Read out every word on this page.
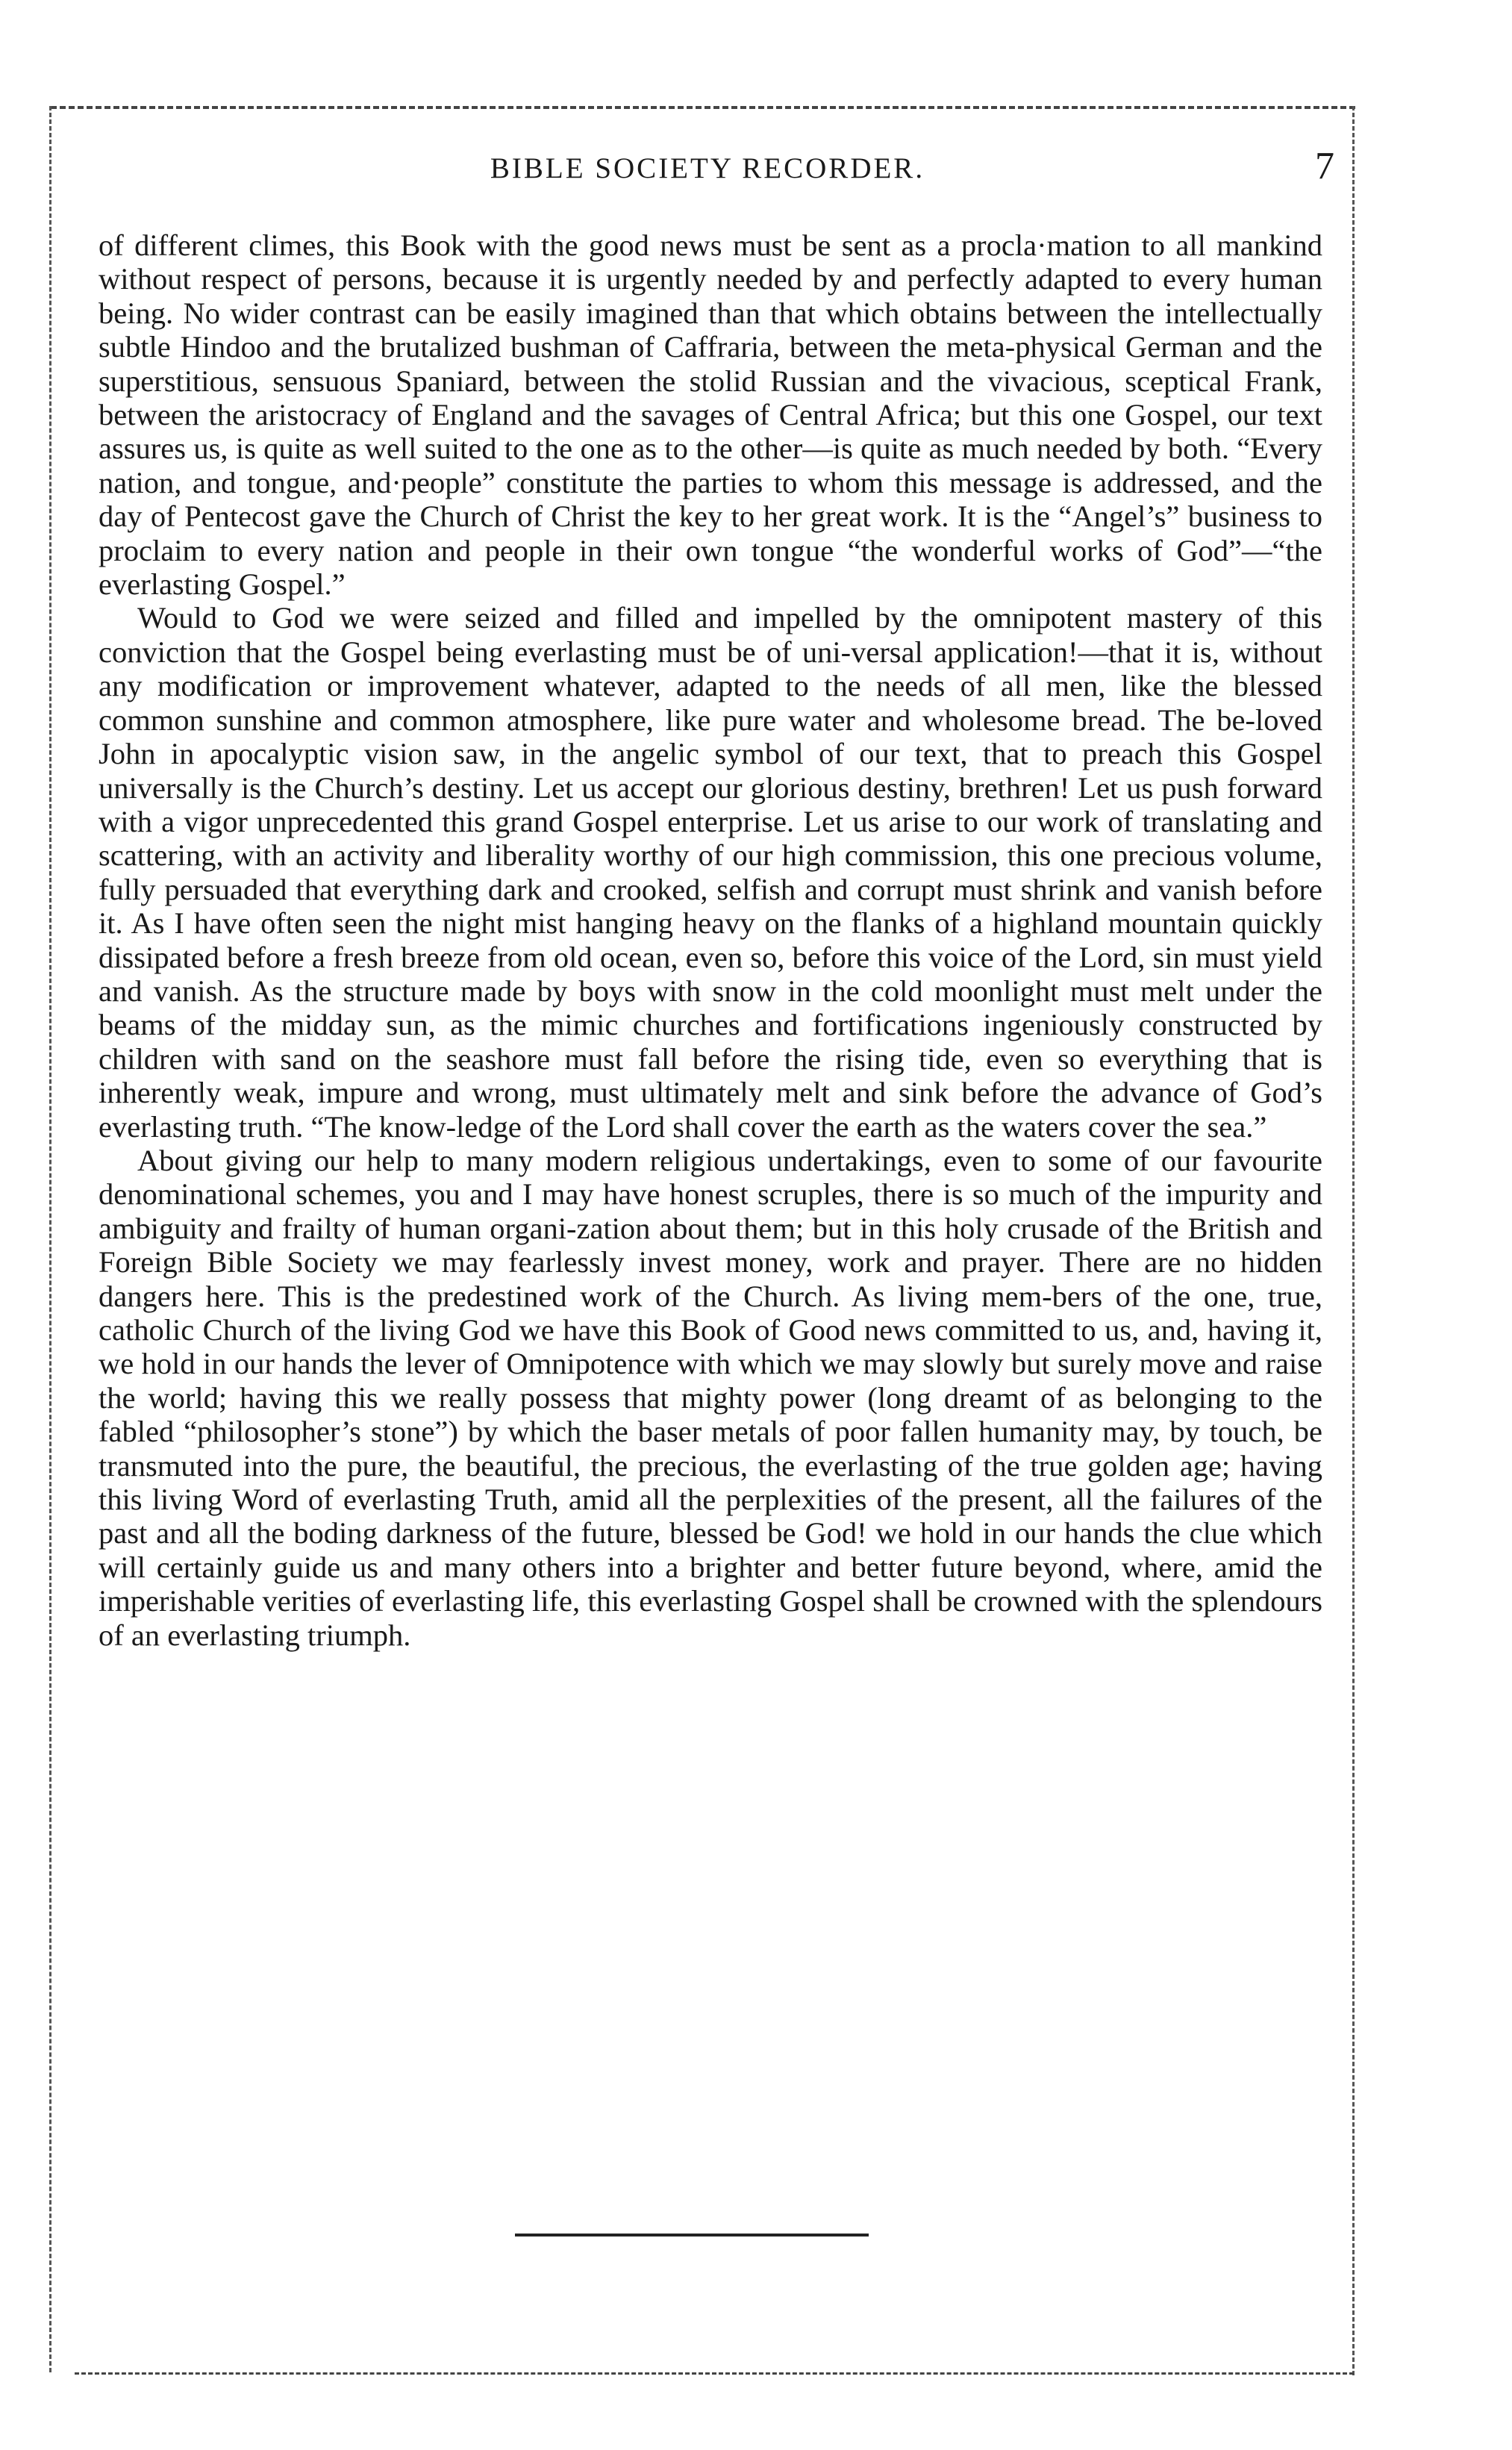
BIBLE SOCIETY RECORDER.	7

of different climes, this Book with the good news must be sent as a procla·mation to all mankind without respect of persons, because it is urgently needed by and perfectly adapted to every human being. No wider contrast can be easily imagined than that which obtains between the intellectually subtle Hindoo and the brutalized bushman of Caffraria, between the meta-physical German and the superstitious, sensuous Spaniard, between the stolid Russian and the vivacious, sceptical Frank, between the aristocracy of England and the savages of Central Africa; but this one Gospel, our text assures us, is quite as well suited to the one as to the other—is quite as much needed by both. “Every nation, and tongue, and·people” constitute the parties to whom this message is addressed, and the day of Pentecost gave the Church of Christ the key to her great work. It is the “Angel’s” business to proclaim to every nation and people in their own tongue “the wonderful works of God”—“the everlasting Gospel.”

Would to God we were seized and filled and impelled by the omnipotent mastery of this conviction that the Gospel being everlasting must be of uni-versal application!—that it is, without any modification or improvement whatever, adapted to the needs of all men, like the blessed common sunshine and common atmosphere, like pure water and wholesome bread. The be-loved John in apocalyptic vision saw, in the angelic symbol of our text, that to preach this Gospel universally is the Church’s destiny. Let us accept our glorious destiny, brethren! Let us push forward with a vigor unprecedented this grand Gospel enterprise. Let us arise to our work of translating and scattering, with an activity and liberality worthy of our high commission, this one precious volume, fully persuaded that everything dark and crooked, selfish and corrupt must shrink and vanish before it. As I have often seen the night mist hanging heavy on the flanks of a highland mountain quickly dissipated before a fresh breeze from old ocean, even so, before this voice of the Lord, sin must yield and vanish. As the structure made by boys with snow in the cold moonlight must melt under the beams of the midday sun, as the mimic churches and fortifications ingeniously constructed by children with sand on the seashore must fall before the rising tide, even so everything that is inherently weak, impure and wrong, must ultimately melt and sink before the advance of God’s everlasting truth. “The know-ledge of the Lord shall cover the earth as the waters cover the sea.”

About giving our help to many modern religious undertakings, even to some of our favourite denominational schemes, you and I may have honest scruples, there is so much of the impurity and ambiguity and frailty of human organi-zation about them; but in this holy crusade of the British and Foreign Bible Society we may fearlessly invest money, work and prayer. There are no hidden dangers here. This is the predestined work of the Church. As living mem-bers of the one, true, catholic Church of the living God we have this Book of Good news committed to us, and, having it, we hold in our hands the lever of Omnipotence with which we may slowly but surely move and raise the world; having this we really possess that mighty power (long dreamt of as belonging to the fabled “philosopher’s stone”) by which the baser metals of poor fallen humanity may, by touch, be transmuted into the pure, the beautiful, the precious, the everlasting of the true golden age; having this living Word of everlasting Truth, amid all the perplexities of the present, all the failures of the past and all the boding darkness of the future, blessed be God! we hold in our hands the clue which will certainly guide us and many others into a brighter and better future beyond, where, amid the imperishable verities of everlasting life, this everlasting Gospel shall be crowned with the splendours of an everlasting triumph.
